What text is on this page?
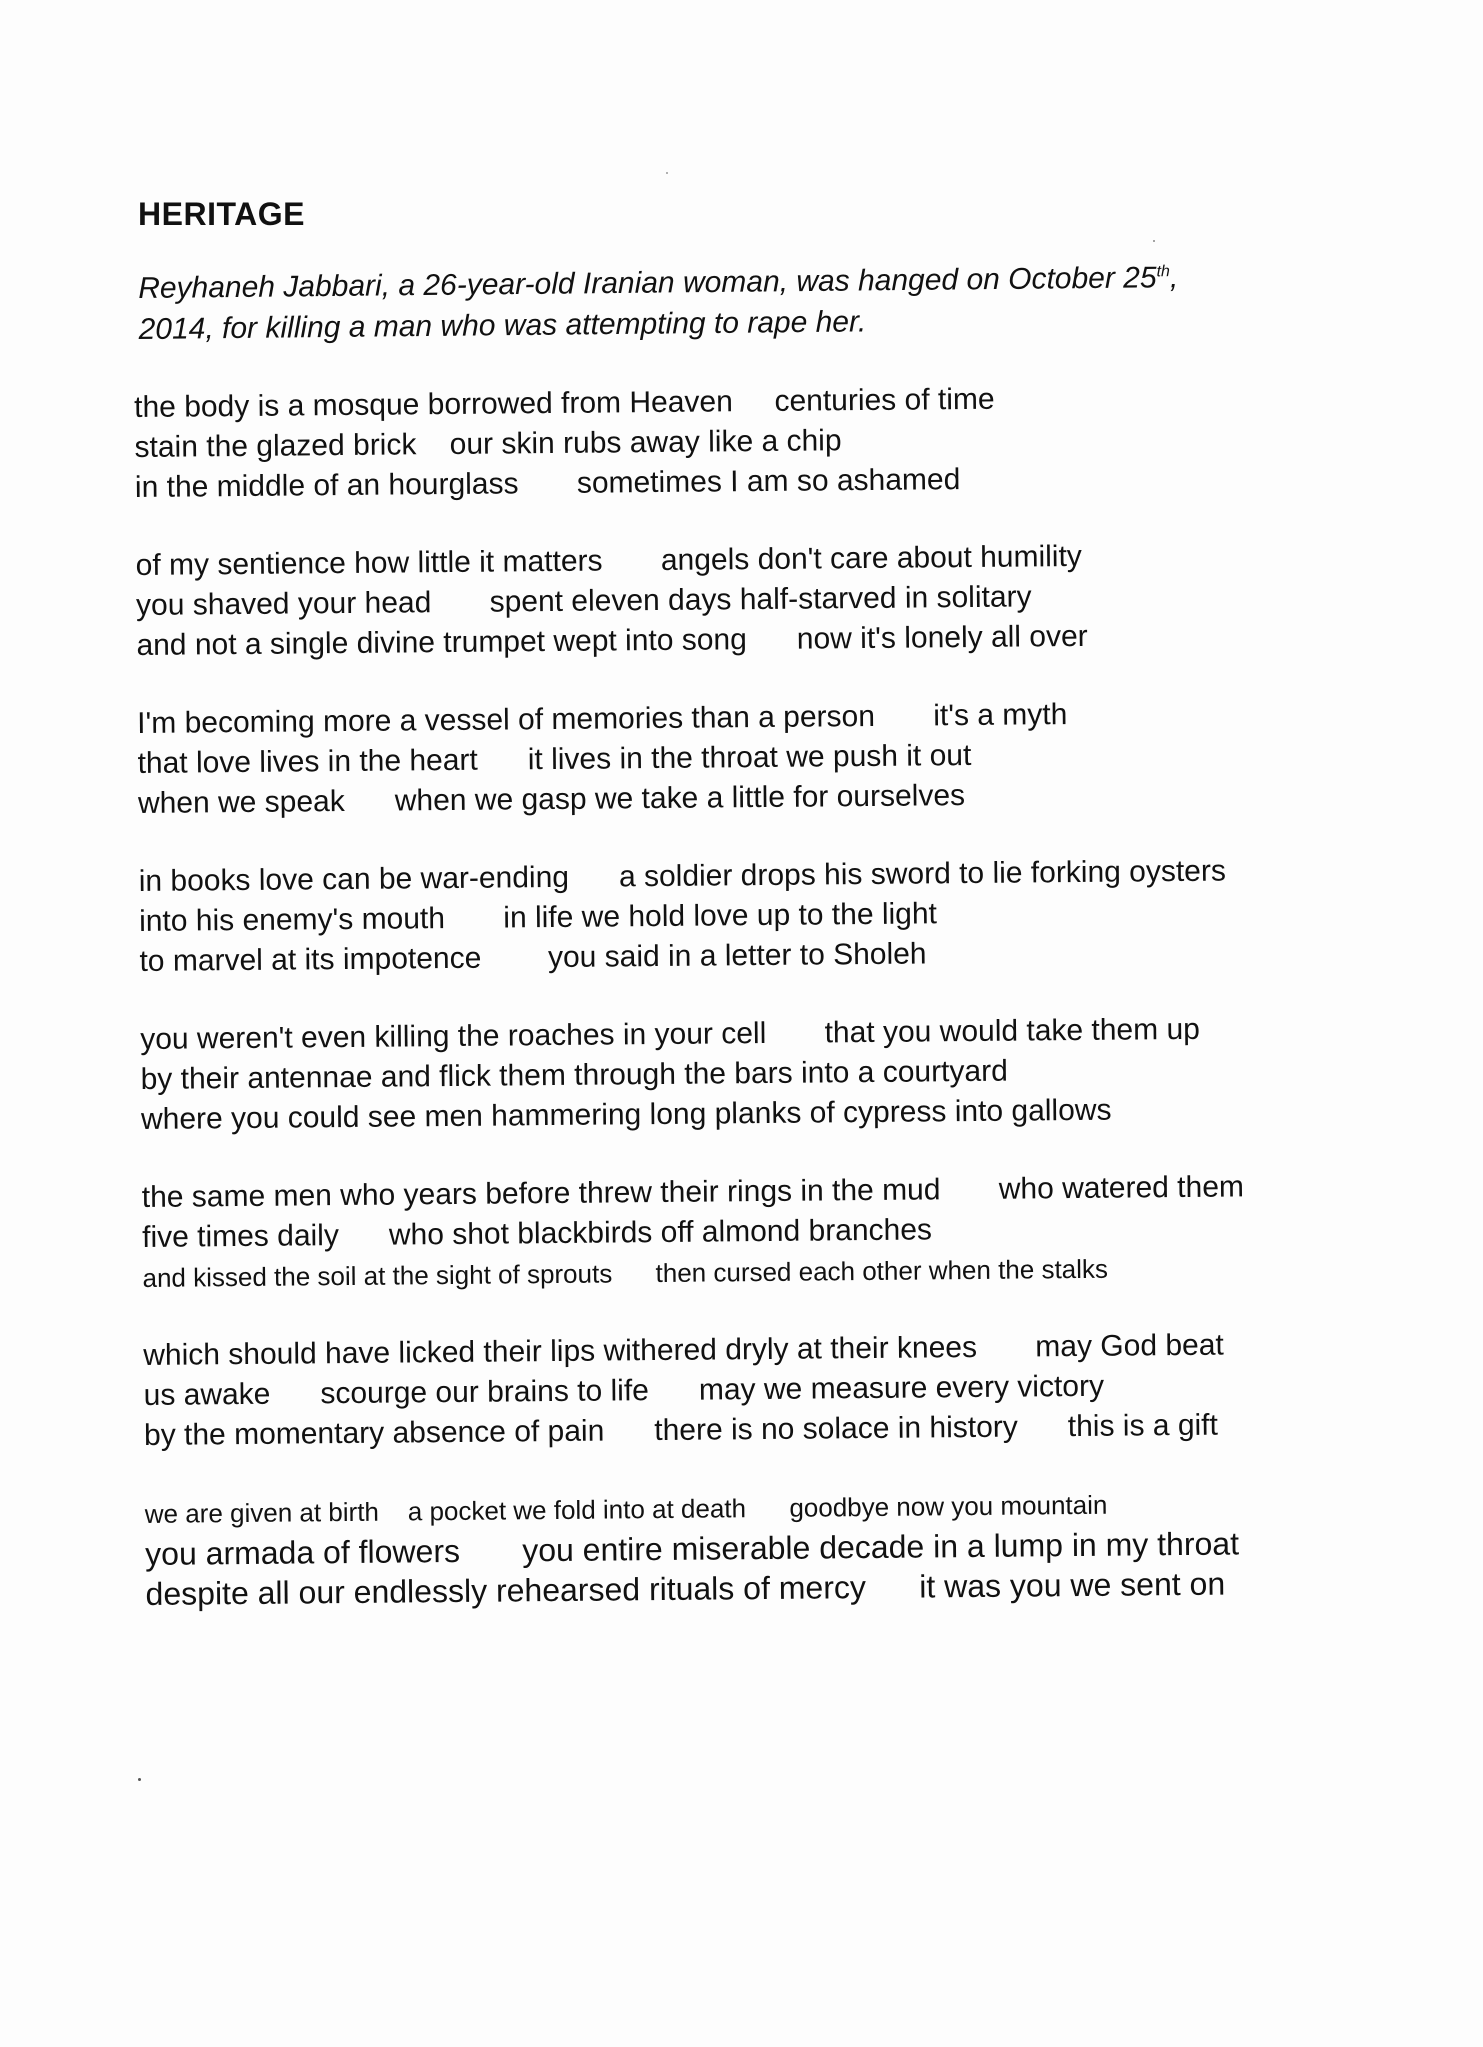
HERITAGE
Reyhaneh Jabbari, a 26-year-old Iranian woman, was hanged on October 25th,
2014, for killing a man who was attempting to rape her.
the body is a mosque borrowed from Heaven     centuries of time
stain the glazed brick    our skin rubs away like a chip
in the middle of an hourglass       sometimes I am so ashamed
of my sentience how little it matters       angels don't care about humility
you shaved your head       spent eleven days half-starved in solitary
and not a single divine trumpet wept into song      now it's lonely all over
I'm becoming more a vessel of memories than a person       it's a myth
that love lives in the heart      it lives in the throat we push it out
when we speak      when we gasp we take a little for ourselves
in books love can be war-ending      a soldier drops his sword to lie forking oysters
into his enemy's mouth       in life we hold love up to the light
to marvel at its impotence        you said in a letter to Sholeh
you weren't even killing the roaches in your cell       that you would take them up
by their antennae and flick them through the bars into a courtyard
where you could see men hammering long planks of cypress into gallows
the same men who years before threw their rings in the mud       who watered them
five times daily      who shot blackbirds off almond branches
and kissed the soil at the sight of sprouts      then cursed each other when the stalks
which should have licked their lips withered dryly at their knees       may God beat
us awake      scourge our brains to life      may we measure every victory
by the momentary absence of pain      there is no solace in history      this is a gift
we are given at birth    a pocket we fold into at death      goodbye now you mountain
you armada of flowers       you entire miserable decade in a lump in my throat
despite all our endlessly rehearsed rituals of mercy      it was you we sent on
